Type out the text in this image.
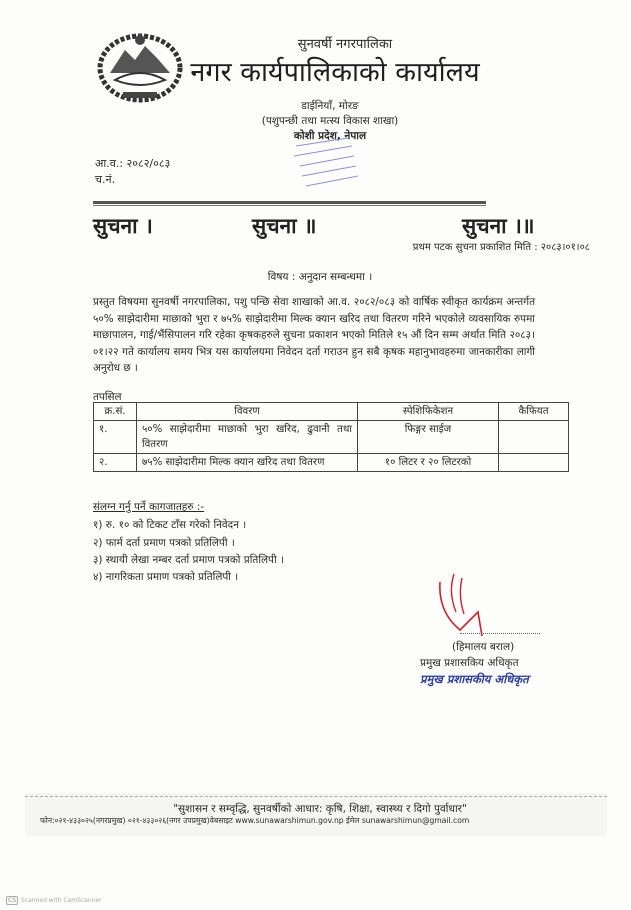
सुनवर्षी नगरपालिका
नगर कार्यपालिकाको कार्यालय
डाईनियाँ, मोरङ
(पशुपन्छी तथा मत्स्य विकास शाखा)
कोशी प्रदेश, नेपाल
आ.व.: २०८२/०८३
च.नं.
सुचना ।	सुचना ॥	सुचना ।॥
प्रथम पटक सुचना प्रकाशित मिति : २०८३।०१।०८
विषय : अनुदान सम्बन्धमा ।
प्रस्तुत विषयमा सुनवर्षी नगरपालिका, पशु पन्छि सेवा शाखाको आ.व. २०८२/०८३ को वार्षिक स्वीकृत कार्यक्रम अन्तर्गत ५०% साझेदारीमा माछाको भुरा र ७५% साझेदारीमा मिल्क क्यान खरिद तथा वितरण गरिने भएकोले व्यवसायिक रुपमा माछापालन, गाई/भैंसिपालन गरि रहेका कृषकहरुले सुचना प्रकाशन भएको मितिले १५ औं दिन सम्म अर्थात मिति २०८३।०१।२२ गते कार्यालय समय भित्र यस कार्यालयमा निवेदन दर्ता गराउन हुन सबै कृषक महानुभावहरुमा जानकारीका लागी अनुरोध छ ।
तपसिल
क्र.सं.	विवरण	स्पेशिफिकेशन	कैफियत
१.	५०% साझेदारीमा माछाको भुरा खरिद, ढुवानी तथा वितरण	फिङ्गर साईज	
२.	७५% साझेदारीमा मिल्क क्यान खरिद तथा वितरण	१० लिटर र २० लिटरको	
संलग्न गर्नु पर्ने कागजातहरु :-
१) रु. १० को टिकट टाँस गरेको निवेदन ।
२) फार्म दर्ता प्रमाण पत्रको प्रतिलिपी ।
३) स्थायी लेखा नम्बर दर्ता प्रमाण पत्रको प्रतिलिपी ।
४) नागरिकता प्रमाण पत्रको प्रतिलिपी ।
(हिमालय बराल)
प्रमुख प्रशासकिय अधिकृत
प्रमुख प्रशासकीय अधिकृत
"सुशासन र सम्वृद्धि, सुनवर्षीको आधार: कृषि, शिक्षा, स्वास्थ्य र दिगो पुर्वाधार"
फोन:०२१-४३३०२५(नगरप्रमुख) ०२१-४३३०२६(नगर उपप्रमुख)वेबसाइट www.sunawarshimun.gov.np ईमेल sunawarshimun@gmail.com
CS Scanned with CamScanner
